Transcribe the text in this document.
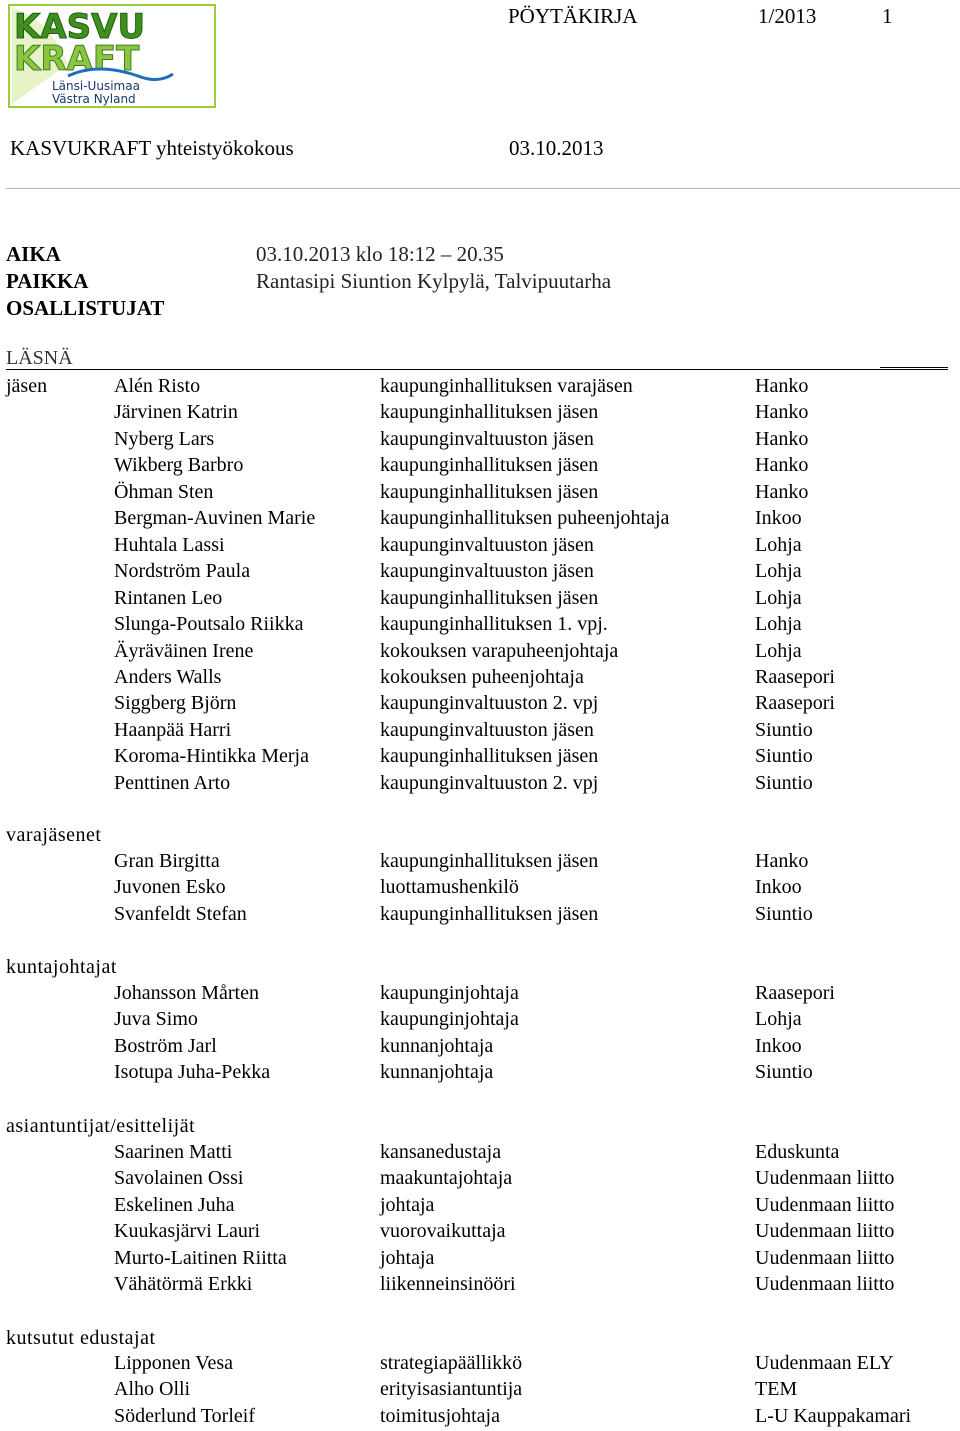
KASVU
KRAFT
Länsi-Uusimaa
Västra Nyland
PÖYTÄKIRJA	1/2013	1
KASVUKRAFT yhteistyökokous	03.10.2013
AIKA	03.10.2013 klo 18:12 – 20.35
PAIKKA	Rantasipi Siuntion Kylpylä, Talvipuutarha
OSALLISTUJAT
LÄSNÄ
jäsen	Alén Risto	kaupunginhallituksen varajäsen	Hanko
Järvinen Katrin	kaupunginhallituksen jäsen	Hanko
Nyberg Lars	kaupunginvaltuuston jäsen	Hanko
Wikberg Barbro	kaupunginhallituksen jäsen	Hanko
Öhman Sten	kaupunginhallituksen jäsen	Hanko
Bergman-Auvinen Marie	kaupunginhallituksen puheenjohtaja	Inkoo
Huhtala Lassi	kaupunginvaltuuston jäsen	Lohja
Nordström Paula	kaupunginvaltuuston jäsen	Lohja
Rintanen Leo	kaupunginhallituksen jäsen	Lohja
Slunga-Poutsalo Riikka	kaupunginhallituksen 1. vpj.	Lohja
Äyräväinen Irene	kokouksen varapuheenjohtaja	Lohja
Anders Walls	kokouksen puheenjohtaja	Raasepori
Siggberg Björn	kaupunginvaltuuston 2. vpj	Raasepori
Haanpää Harri	kaupunginvaltuuston jäsen	Siuntio
Koroma-Hintikka Merja	kaupunginhallituksen jäsen	Siuntio
Penttinen Arto	kaupunginvaltuuston 2. vpj	Siuntio
varajäsenet
Gran Birgitta	kaupunginhallituksen jäsen	Hanko
Juvonen Esko	luottamushenkilö	Inkoo
Svanfeldt Stefan	kaupunginhallituksen jäsen	Siuntio
kuntajohtajat
Johansson Mårten	kaupunginjohtaja	Raasepori
Juva Simo	kaupunginjohtaja	Lohja
Boström Jarl	kunnanjohtaja	Inkoo
Isotupa Juha-Pekka	kunnanjohtaja	Siuntio
asiantuntijat/esittelijät
Saarinen Matti	kansanedustaja	Eduskunta
Savolainen Ossi	maakuntajohtaja	Uudenmaan liitto
Eskelinen Juha	johtaja	Uudenmaan liitto
Kuukasjärvi Lauri	vuorovaikuttaja	Uudenmaan liitto
Murto-Laitinen Riitta	johtaja	Uudenmaan liitto
Vähätörmä Erkki	liikenneinsinööri	Uudenmaan liitto
kutsutut edustajat
Lipponen Vesa	strategiapäällikkö	Uudenmaan ELY
Alho Olli	erityisasiantuntija	TEM
Söderlund Torleif	toimitusjohtaja	L-U Kauppakamari
